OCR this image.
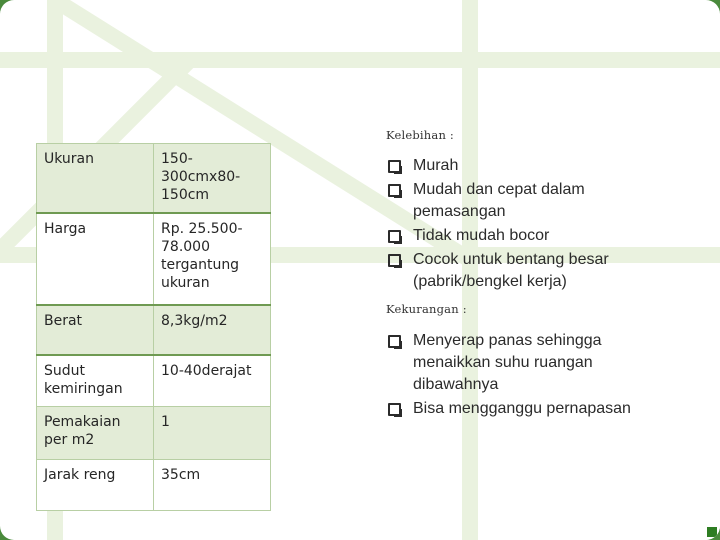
Ukuran	150-300cmx80-150cm
Harga	Rp. 25.500-78.000 tergantung ukuran
Berat	8,3kg/m2
Sudut kemiringan	10-40derajat
Pemakaian per m2	1
Jarak reng	35cm
Kelebihan :
Murah
Mudah dan cepat dalam pemasangan
Tidak mudah bocor
Cocok untuk bentang besar (pabrik/bengkel kerja)
Kekurangan :
Menyerap panas sehingga menaikkan suhu ruangan dibawahnya
Bisa mengganggu pernapasan
